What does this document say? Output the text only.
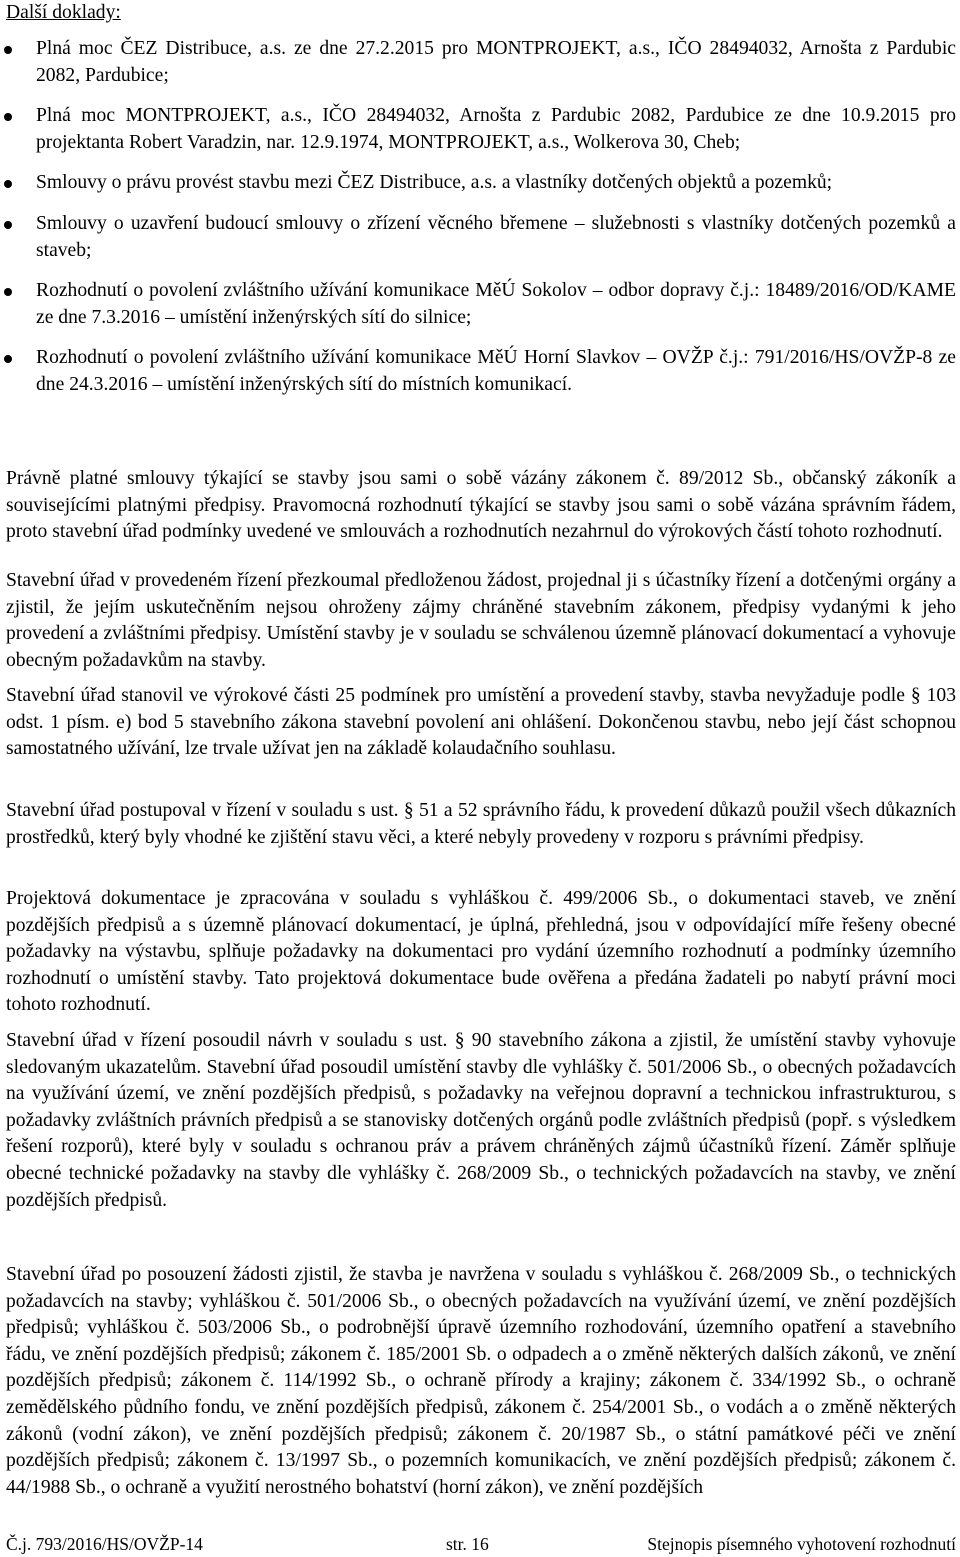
Další doklady:
Plná moc ČEZ Distribuce, a.s. ze dne 27.2.2015 pro MONTPROJEKT, a.s., IČO 28494032, Arnošta z Pardubic 2082, Pardubice;
Plná moc MONTPROJEKT, a.s., IČO 28494032, Arnošta z Pardubic 2082, Pardubice ze dne 10.9.2015 pro projektanta Robert Varadzin, nar. 12.9.1974, MONTPROJEKT, a.s., Wolkerova 30, Cheb;
Smlouvy o právu provést stavbu mezi ČEZ Distribuce, a.s. a vlastníky dotčených objektů a pozemků;
Smlouvy o uzavření budoucí smlouvy o zřízení věcného břemene – služebnosti s vlastníky dotčených pozemků a staveb;
Rozhodnutí o povolení zvláštního užívání komunikace MěÚ Sokolov – odbor dopravy č.j.: 18489/2016/OD/KAME ze dne 7.3.2016 – umístění inženýrských sítí do silnice;
Rozhodnutí o povolení zvláštního užívání komunikace MěÚ Horní Slavkov – OVŽP č.j.: 791/2016/HS/OVŽP-8 ze dne 24.3.2016 – umístění inženýrských sítí do místních komunikací.

Právně platné smlouvy týkající se stavby jsou sami o sobě vázány zákonem č. 89/2012 Sb., občanský zákoník a souvisejícími platnými předpisy. Pravomocná rozhodnutí týkající se stavby jsou sami o sobě vázána správním řádem, proto stavební úřad podmínky uvedené ve smlouvách a rozhodnutích nezahrnul do výrokových částí tohoto rozhodnutí.

Stavební úřad v provedeném řízení přezkoumal předloženou žádost, projednal ji s účastníky řízení a dotčenými orgány a zjistil, že jejím uskutečněním nejsou ohroženy zájmy chráněné stavebním zákonem, předpisy vydanými k jeho provedení a zvláštními předpisy. Umístění stavby je v souladu se schválenou územně plánovací dokumentací a vyhovuje obecným požadavkům na stavby.

Stavební úřad stanovil ve výrokové části 25 podmínek pro umístění a provedení stavby, stavba nevyžaduje podle § 103 odst. 1 písm. e) bod 5 stavebního zákona stavební povolení ani ohlášení. Dokončenou stavbu, nebo její část schopnou samostatného užívání, lze trvale užívat jen na základě kolaudačního souhlasu.

Stavební úřad postupoval v řízení v souladu s ust. § 51 a 52 správního řádu, k provedení důkazů použil všech důkazních prostředků, který byly vhodné ke zjištění stavu věci, a které nebyly provedeny v rozporu s právními předpisy.

Projektová dokumentace je zpracována v souladu s vyhláškou č. 499/2006 Sb., o dokumentaci staveb, ve znění pozdějších předpisů a s územně plánovací dokumentací, je úplná, přehledná, jsou v odpovídající míře řešeny obecné požadavky na výstavbu, splňuje požadavky na dokumentaci pro vydání územního rozhodnutí a podmínky územního rozhodnutí o umístění stavby. Tato projektová dokumentace bude ověřena a předána žadateli po nabytí právní moci tohoto rozhodnutí.

Stavební úřad v řízení posoudil návrh v souladu s ust. § 90 stavebního zákona a zjistil, že umístění stavby vyhovuje sledovaným ukazatelům. Stavební úřad posoudil umístění stavby dle vyhlášky č. 501/2006 Sb., o obecných požadavcích na využívání území, ve znění pozdějších předpisů, s požadavky na veřejnou dopravní a technickou infrastrukturou, s požadavky zvláštních právních předpisů a se stanovisky dotčených orgánů podle zvláštních předpisů (popř. s výsledkem řešení rozporů), které byly v souladu s ochranou práv a právem chráněných zájmů účastníků řízení. Záměr splňuje obecné technické požadavky na stavby dle vyhlášky č. 268/2009 Sb., o technických požadavcích na stavby, ve znění pozdějších předpisů.

Stavební úřad po posouzení žádosti zjistil, že stavba je navržena v souladu s vyhláškou č. 268/2009 Sb., o technických požadavcích na stavby; vyhláškou č. 501/2006 Sb., o obecných požadavcích na využívání území, ve znění pozdějších předpisů; vyhláškou č. 503/2006 Sb., o podrobnější úpravě územního rozhodování, územního opatření a stavebního řádu, ve znění pozdějších předpisů; zákonem č. 185/2001 Sb. o odpadech a o změně některých dalších zákonů, ve znění pozdějších předpisů; zákonem č. 114/1992 Sb., o ochraně přírody a krajiny; zákonem č. 334/1992 Sb., o ochraně zemědělského půdního fondu, ve znění pozdějších předpisů, zákonem č. 254/2001 Sb., o vodách a o změně některých zákonů (vodní zákon), ve znění pozdějších předpisů; zákonem č. 20/1987 Sb., o státní památkové péči ve znění pozdějších předpisů; zákonem č. 13/1997 Sb., o pozemních komunikacích, ve znění pozdějších předpisů; zákonem č. 44/1988 Sb., o ochraně a využití nerostného bohatství (horní zákon), ve znění pozdějších

Č.j. 793/2016/HS/OVŽP-14	str. 16	Stejnopis písemného vyhotovení rozhodnutí
